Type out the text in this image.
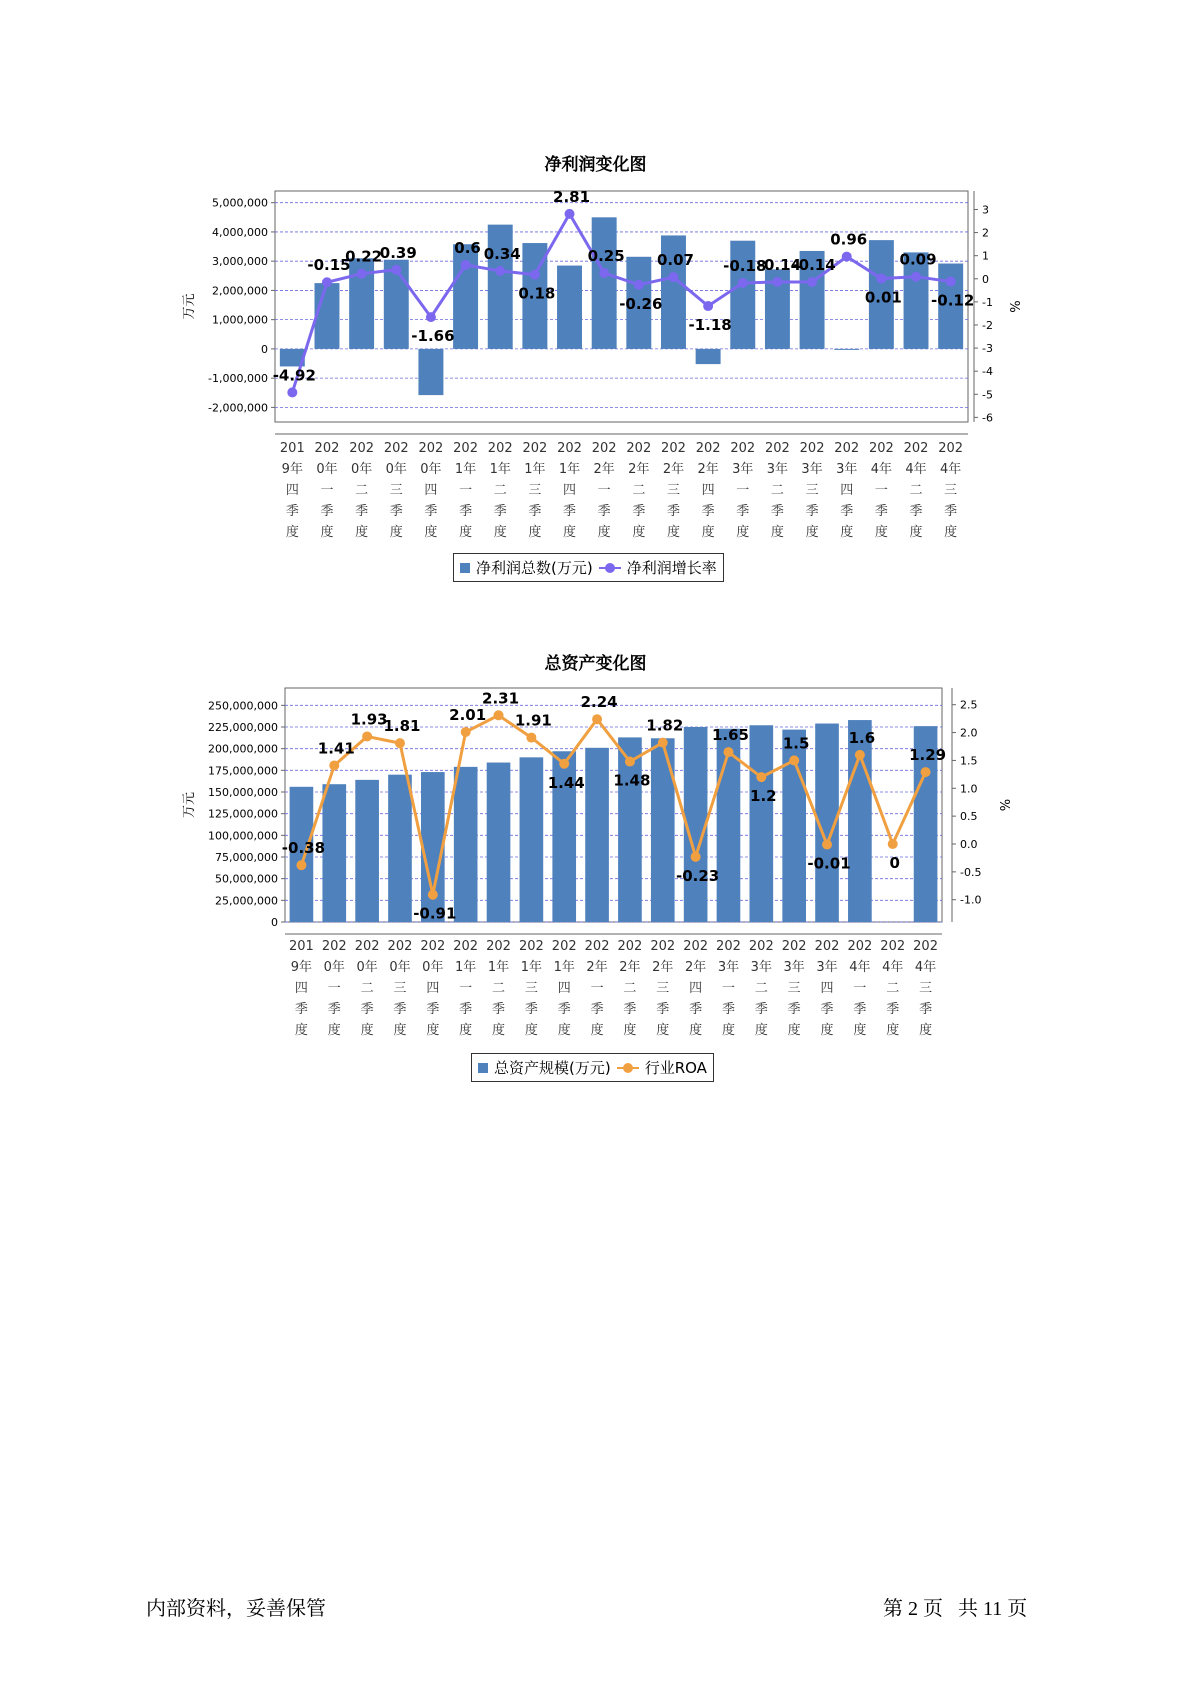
净利润变化图
-2,000,000
-1,000,000
0
1,000,000
2,000,000
3,000,000
4,000,000
5,000,000
-6
-5
-4
-3
-2
-1
0
1
2
3
万元	%
-4.92
-0.15
0.22
0.39
-1.66
0.6 0.34
0.18
2.81
0.25
-0.26
0.07
-1.18
-0.18
-0.14
-0.14
0.96
0.01
0.09
-0.12
201
9年
四
季
度
202
0年
一
季
度
202
0年
二
季
度
202
0年
三
季
度
202
0年
四
季
度
202
1年
一
季
度
202
1年
二
季
度
202
1年
三
季
度
202
1年
四
季
度
202
2年
一
季
度
202
2年
二
季
度
202
2年
三
季
度
202
2年
四
季
度
202
3年
一
季
度
202
3年
二
季
度
202
3年
三
季
度
202
3年
四
季
度
202
4年
一
季
度
202
4年
二
季
度
202
4年
三
季
度
净利润总数(万元) 净利润增长率
总资产变化图
0
25,000,000
50,000,000
75,000,000
100,000,000
125,000,000
150,000,000
175,000,000
200,000,000
225,000,000
250,000,000
-1.0
-0.5
0.0
0.5
1.0
1.5
2.0
2.5
万元	%
-0.38
1.41
1.93
1.81
-0.91
2.01
2.31
1.91
1.44
2.24
1.48
1.82
-0.23
1.65
1.2
1.5
-0.01
1.6
0
1.29
201
9年
四
季
度
202
0年
一
季
度
202
0年
二
季
度
202
0年
三
季
度
202
0年
四
季
度
202
1年
一
季
度
202
1年
二
季
度
202
1年
三
季
度
202
1年
四
季
度
202
2年
一
季
度
202
2年
二
季
度
202
2年
三
季
度
202
2年
四
季
度
202
3年
一
季
度
202
3年
二
季
度
202
3年
三
季
度
202
3年
四
季
度
202
4年
一
季
度
202
4年
二
季
度
202
4年
三
季
度
总资产规模(万元) 行业ROA
内部资料，妥善保管	第 2 页   共 11 页
